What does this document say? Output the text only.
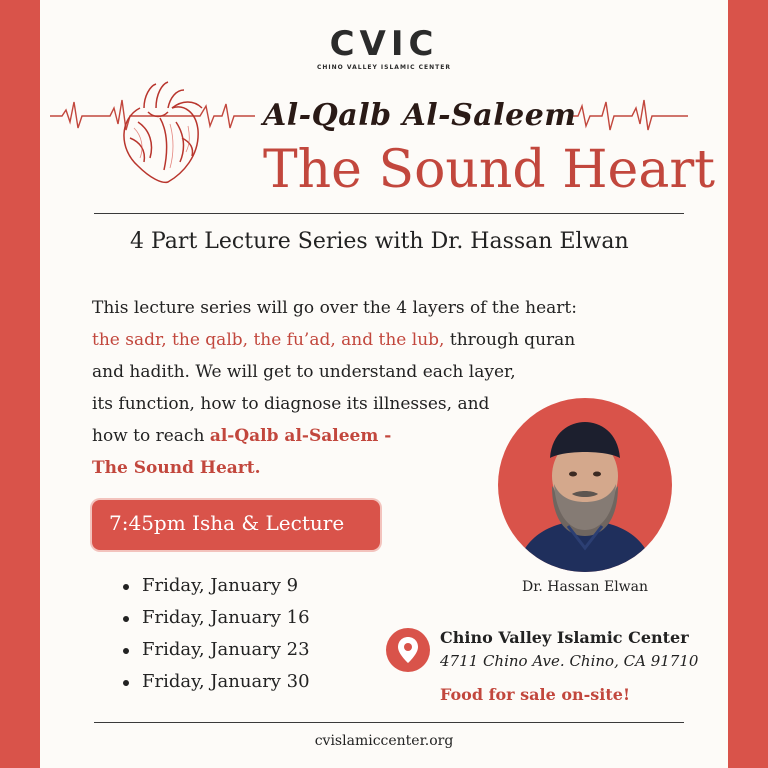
CVIC
CHINO VALLEY ISLAMIC CENTER
Al-Qalb Al-Saleem
The Sound Heart
4 Part Lecture Series with Dr. Hassan Elwan
This lecture series will go over the 4 layers of the heart:
the sadr, the qalb, the fu’ad, and the lub, through quran
and hadith. We will get to understand each layer,
its function, how to diagnose its illnesses, and
how to reach al-Qalb al-Saleem -
The Sound Heart.
7:45pm Isha & Lecture
Friday, January 9
Friday, January 16
Friday, January 23
Friday, January 30
Dr. Hassan Elwan
Chino Valley Islamic Center
4711 Chino Ave. Chino, CA 91710
Food for sale on-site!
cvislamiccenter.org
